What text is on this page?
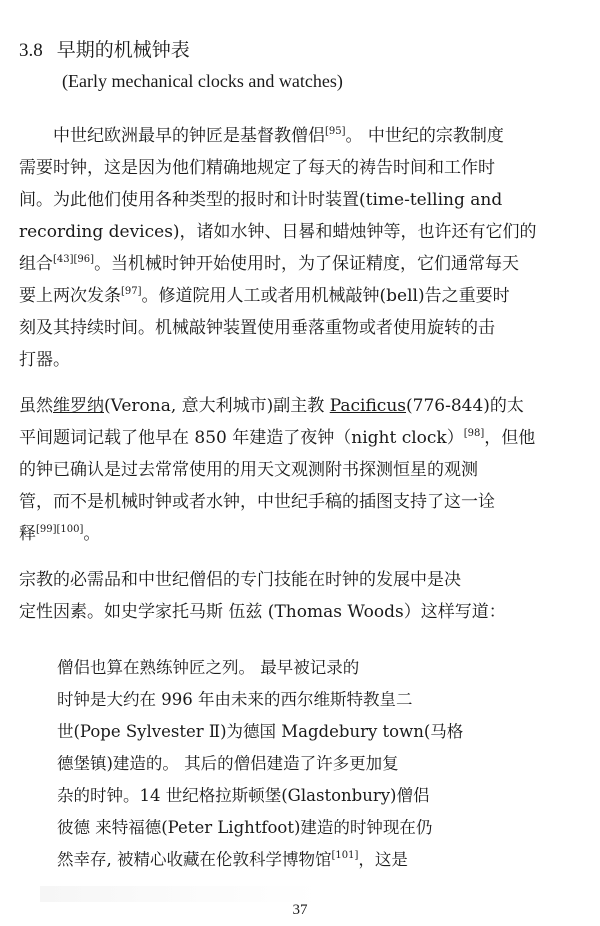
3.8 早期的机械钟表
(Early mechanical clocks and watches)
中世纪欧洲最早的钟匠是基督教僧侣[95]。 中世纪的宗教制度
需要时钟，这是因为他们精确地规定了每天的祷告时间和工作时
间。为此他们使用各种类型的报时和计时装置(time-telling and
recording devices)，诸如水钟、日晷和蜡烛钟等，也许还有它们的
组合[43][96]。当机械时钟开始使用时，为了保证精度，它们通常每天
要上两次发条[97]。修道院用人工或者用机械敲钟(bell)告之重要时
刻及其持续时间。机械敲钟装置使用垂落重物或者使用旋转的击
打器。
虽然维罗纳(Verona, 意大利城市)副主教 Pacificus(776-844)的太
平间题词记载了他早在 850 年建造了夜钟（night clock）[98]，但他
的钟已确认是过去常常使用的用天文观测附书探测恒星的观测
管，而不是机械时钟或者水钟，中世纪手稿的插图支持了这一诠
释[99][100]。
宗教的必需品和中世纪僧侣的专门技能在时钟的发展中是决
定性因素。如史学家托马斯 伍兹 (Thomas Woods）这样写道：
僧侣也算在熟练钟匠之列。 最早被记录的
时钟是大约在 996 年由未来的西尔维斯特教皇二
世(Pope Sylvester Ⅱ)为德国 Magdebury town(马格
德堡镇)建造的。 其后的僧侣建造了许多更加复
杂的时钟。14 世纪格拉斯顿堡(Glastonbury)僧侣
彼德 来特福德(Peter Lightfoot)建造的时钟现在仍
然幸存, 被精心收藏在伦敦科学博物馆[101]，这是
37
